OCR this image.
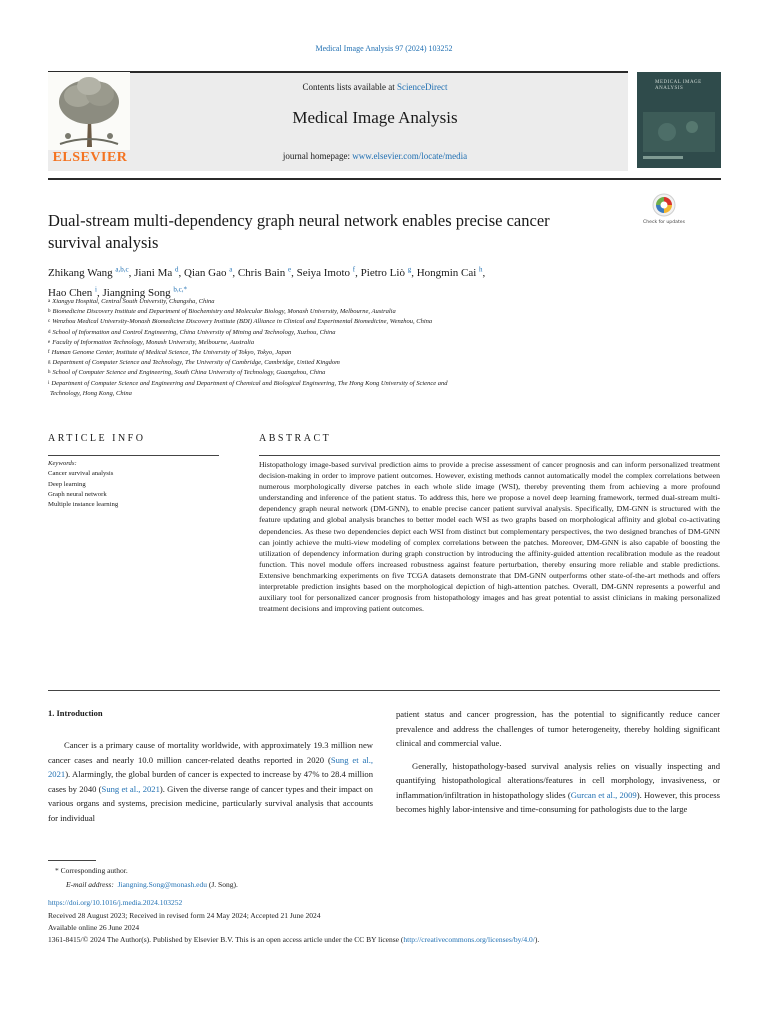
Medical Image Analysis 97 (2024) 103252
ELSEVIER
Contents lists available at ScienceDirect
Medical Image Analysis
journal homepage: www.elsevier.com/locate/media
MEDICAL IMAGE ANALYSIS
Dual-stream multi-dependency graph neural network enables precise cancer
survival analysis
Check for updates
Zhikang Wang $^{a,b,c}$, Jiani Ma $^d$, Qian Gao $^a$, Chris Bain $^e$, Seiya Imoto $^f$, Pietro Liò $^g$, Hongmin Cai $^h$,
Hao Chen $^i$, Jiangning Song $^{b,c,*}$
$^a$ Xiangya Hospital, Central South University, Changsha, China
$^b$ Biomedicine Discovery Institute and Department of Biochemistry and Molecular Biology, Monash University, Melbourne, Australia
$^c$ Wenzhou Medical University-Monash Biomedicine Discovery Institute (BDI) Alliance in Clinical and Experimental Biomedicine, Wenzhou, China
$^d$ School of Information and Control Engineering, China University of Mining and Technology, Xuzhou, China
$^e$ Faculty of Information Technology, Monash University, Melbourne, Australia
$^f$ Human Genome Center, Institute of Medical Science, The University of Tokyo, Tokyo, Japan
$^g$ Department of Computer Science and Technology, The University of Cambridge, Cambridge, United Kingdom
$^h$ School of Computer Science and Engineering, South China University of Technology, Guangzhou, China
$^i$ Department of Computer Science and Engineering and Department of Chemical and Biological Engineering, The Hong Kong University of Science and
Technology, Hong Kong, China
ARTICLE INFO	ABSTRACT
Keywords:
Cancer survival analysis
Deep learning
Graph neural network
Multiple instance learning
Histopathology image-based survival prediction aims to provide a precise assessment of cancer prognosis and can inform personalized treatment decision-making in order to improve patient outcomes. However, existing methods cannot automatically model the complex correlations between numerous morphologically diverse patches in each whole slide image (WSI), thereby preventing them from achieving a more profound understanding and inference of the patient status. To address this, here we propose a novel deep learning framework, termed dual-stream multi-dependency graph neural network (DM-GNN), to enable precise cancer patient survival analysis. Specifically, DM-GNN is structured with the feature updating and global analysis branches to better model each WSI as two graphs based on morphological affinity and global co-activating dependencies. As these two dependencies depict each WSI from distinct but complementary perspectives, the two designed branches of DM-GNN can jointly achieve the multi-view modeling of complex correlations between the patches. Moreover, DM-GNN is also capable of boosting the utilization of dependency information during graph construction by introducing the affinity-guided attention recalibration module as the readout function. This novel module offers increased robustness against feature perturbation, thereby ensuring more reliable and stable predictions. Extensive benchmarking experiments on five TCGA datasets demonstrate that DM-GNN outperforms other state-of-the-art methods and offers interpretable prediction insights based on the morphological depiction of high-attention patches. Overall, DM-GNN represents a powerful and auxiliary tool for personalized cancer prognosis from histopathology images and has great potential to assist clinicians in making personalized treatment decisions and improving patient outcomes.
1. Introduction

Cancer is a primary cause of mortality worldwide, with approximately 19.3 million new cancer cases and nearly 10.0 million cancer-related deaths reported in 2020 (Sung et al., 2021). Alarmingly, the global burden of cancer is expected to increase by 47% to 28.4 million cases by 2040 (Sung et al., 2021). Given the diverse range of cancer types and their impact on various organs and systems, precision medicine, particularly survival analysis that accounts for individual

patient status and cancer progression, has the potential to significantly reduce cancer prevalence and address the challenges of tumor heterogeneity, thereby holding significant clinical and commercial value.

Generally, histopathology-based survival analysis relies on visually inspecting and quantifying histopathological alterations/features in cell morphology, invasiveness, or inflammation/infiltration in histopathology slides (Gurcan et al., 2009). However, this process becomes highly labor-intensive and time-consuming for pathologists due to the large

* Corresponding author.
E-mail address: Jiangning.Song@monash.edu (J. Song).
https://doi.org/10.1016/j.media.2024.103252
Received 28 August 2023; Received in revised form 24 May 2024; Accepted 21 June 2024
Available online 26 June 2024
1361-8415/© 2024 The Author(s). Published by Elsevier B.V. This is an open access article under the CC BY license (http://creativecommons.org/licenses/by/4.0/).
